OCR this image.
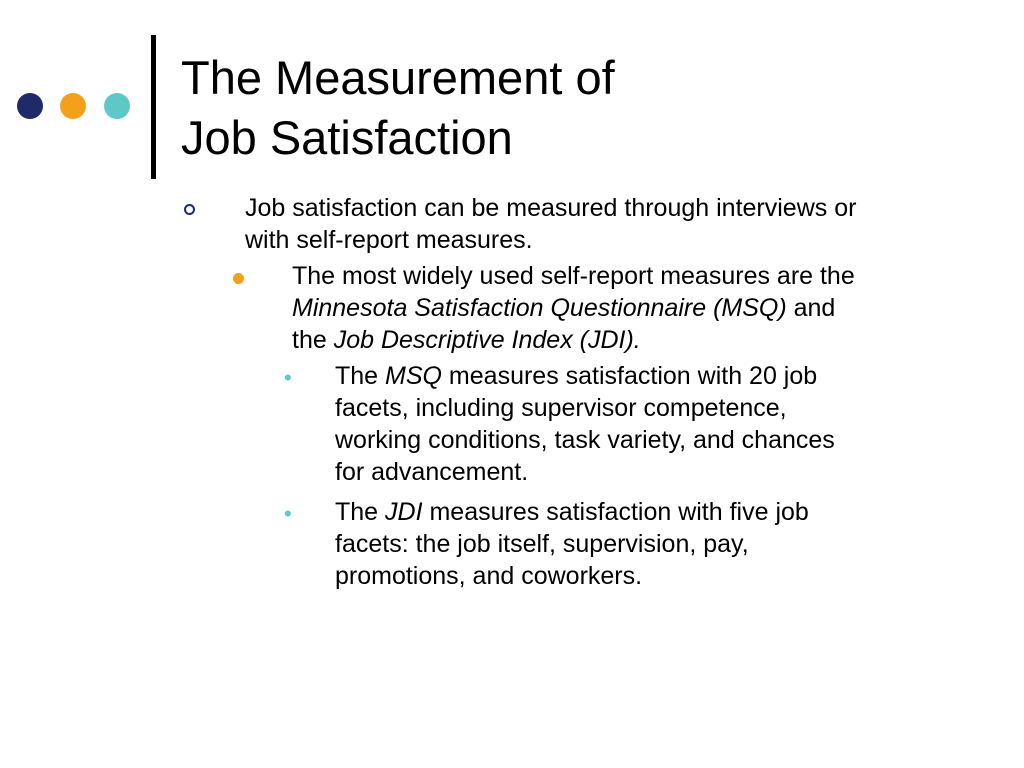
The Measurement of
Job Satisfaction
Job satisfaction can be measured through interviews or
with self-report measures.
The most widely used self-report measures are the
Minnesota Satisfaction Questionnaire (MSQ) and
the Job Descriptive Index (JDI).
• The MSQ measures satisfaction with 20 job
facets, including supervisor competence,
working conditions, task variety, and chances
for advancement.
• The JDI measures satisfaction with five job
facets: the job itself, supervision, pay,
promotions, and coworkers.
